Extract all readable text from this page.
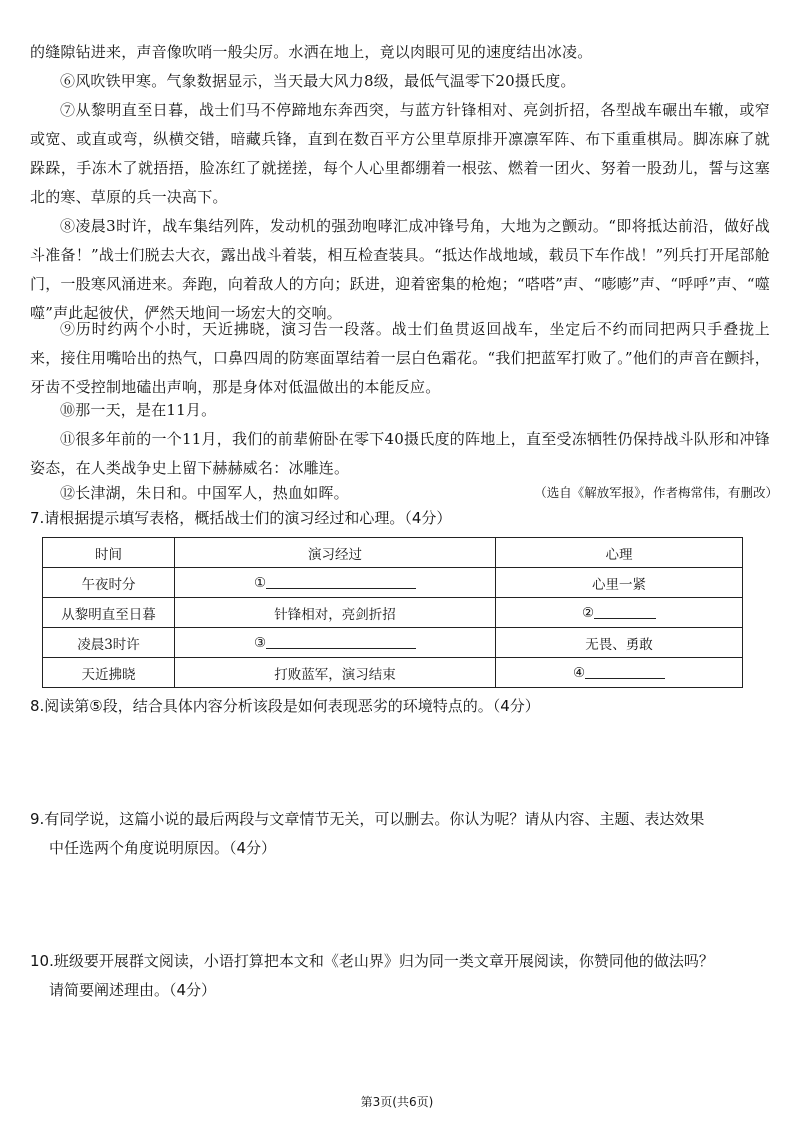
的缝隙钻进来，声音像吹哨一般尖厉。水洒在地上，竟以肉眼可见的速度结出冰凌。

⑥风吹铁甲寒。气象数据显示，当天最大风力8级，最低气温零下20摄氏度。

⑦从黎明直至日暮，战士们马不停蹄地东奔西突，与蓝方针锋相对、亮剑折招，各型战车碾出车辙，或窄或宽、或直或弯，纵横交错，暗藏兵锋，直到在数百平方公里草原排开凛凛军阵、布下重重棋局。脚冻麻了就跺跺，手冻木了就捂捂，脸冻红了就搓搓，每个人心里都绷着一根弦、燃着一团火、努着一股劲儿，誓与这塞北的寒、草原的兵一决高下。

⑧凌晨3时许，战车集结列阵，发动机的强劲咆哮汇成冲锋号角，大地为之颤动。“即将抵达前沿，做好战斗准备！”战士们脱去大衣，露出战斗着装，相互检查装具。“抵达作战地域，载员下车作战！”列兵打开尾部舱门，一股寒风涌进来。奔跑，向着敌人的方向；跃进，迎着密集的枪炮；“嗒嗒”声、“嘭嘭”声、“呼呼”声、“噬噬”声此起彼伏，俨然天地间一场宏大的交响。

⑨历时约两个小时，天近拂晓，演习告一段落。战士们鱼贯返回战车，坐定后不约而同把两只手叠拢上来，接住用嘴哈出的热气，口鼻四周的防寒面罩结着一层白色霜花。“我们把蓝军打败了。”他们的声音在颤抖，牙齿不受控制地磕出声响，那是身体对低温做出的本能反应。

⑩那一天，是在11月。

⑪很多年前的一个11月，我们的前辈俯卧在零下40摄氏度的阵地上，直至受冻牺牲仍保持战斗队形和冲锋姿态，在人类战争史上留下赫赫威名：冰雕连。

⑫长津湖，朱日和。中国军人，热血如晖。	（选自《解放军报》，作者梅常伟，有删改）

7.请根据提示填写表格，概括战士们的演习经过和心理。（4分）

时间	演习经过	心理
午夜时分	①	心里一紧
从黎明直至日暮	针锋相对，亮剑折招	②
凌晨3时许	③	无畏、勇敢
天近拂晓	打败蓝军，演习结束	④

8.阅读第⑤段，结合具体内容分析该段是如何表现恶劣的环境特点的。（4分）

9.有同学说，这篇小说的最后两段与文章情节无关，可以删去。你认为呢？请从内容、主题、表达效果
中任选两个角度说明原因。（4分）

10.班级要开展群文阅读，小语打算把本文和《老山界》归为同一类文章开展阅读，你赞同他的做法吗？
请简要阐述理由。（4分）

第3页(共6页)
